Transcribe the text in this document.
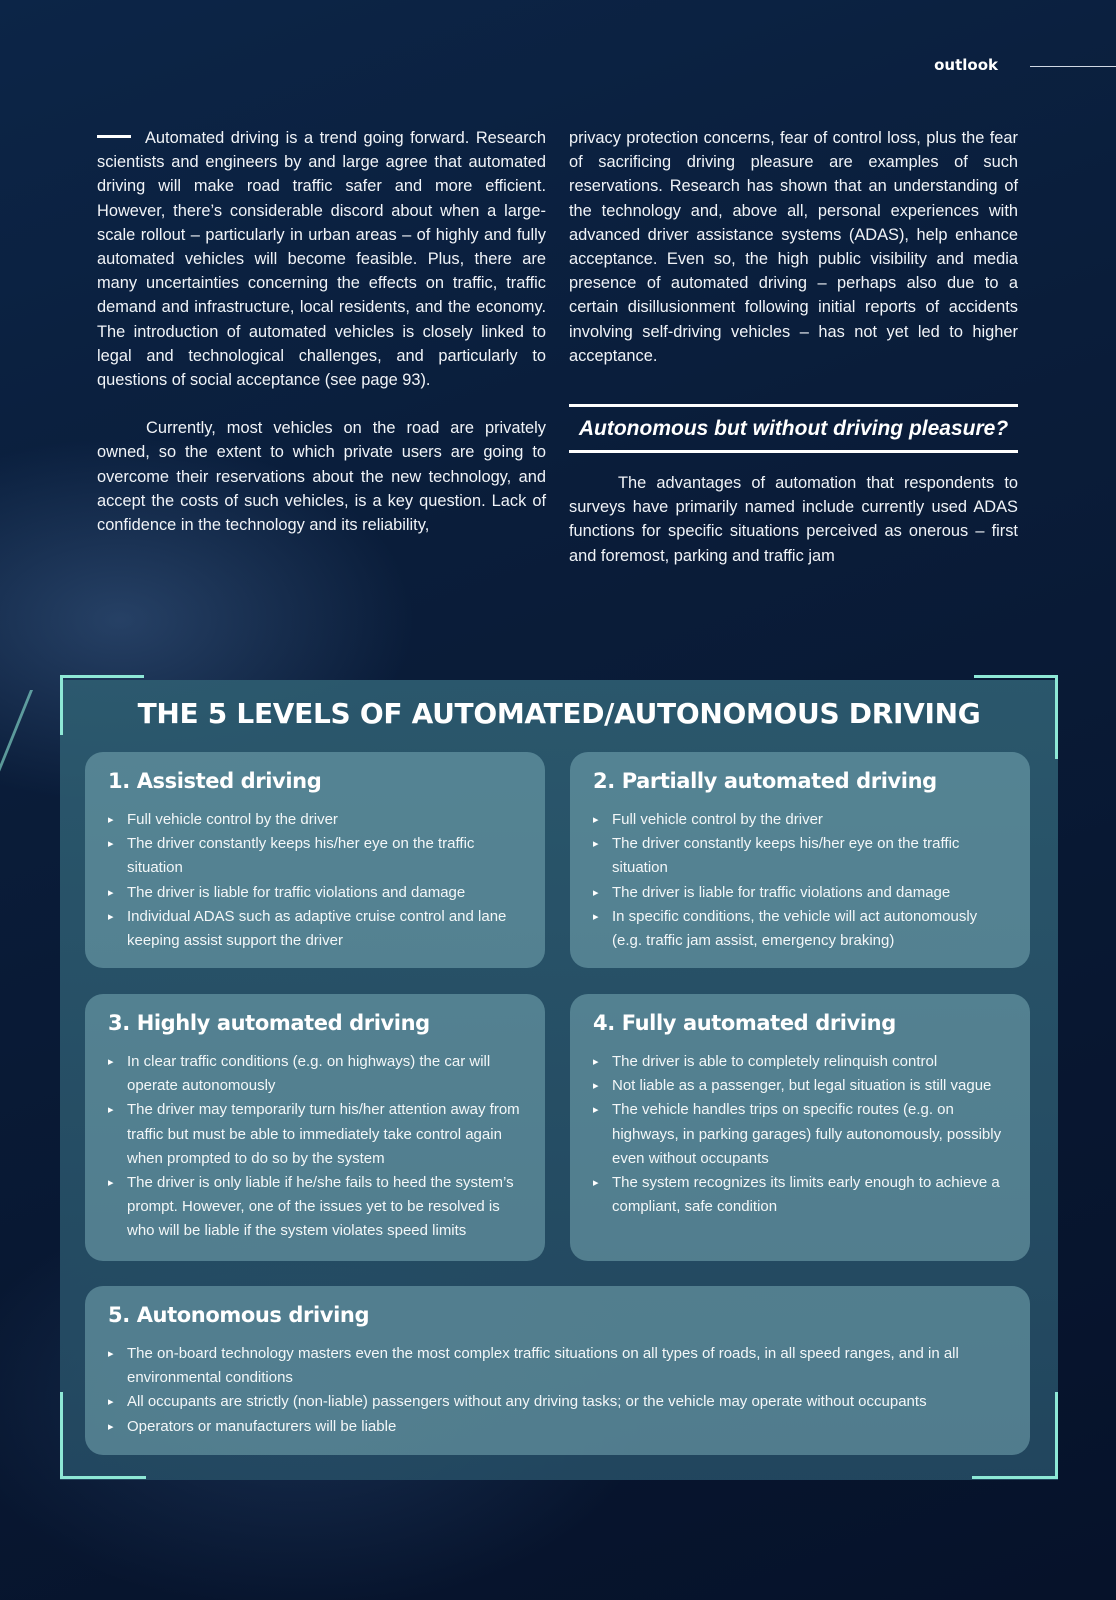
outlook

Automated driving is a trend going forward. Research scientists and engineers by and large agree that automated driving will make road traffic safer and more efficient. However, there’s considerable discord about when a large-scale rollout – particularly in urban areas – of highly and fully automated vehicles will become feasible. Plus, there are many uncertainties concerning the effects on traffic, traffic demand and infrastructure, local residents, and the economy. The introduction of automated vehicles is closely linked to legal and technological challenges, and particularly to questions of social acceptance (see page 93).

Currently, most vehicles on the road are privately owned, so the extent to which private users are going to overcome their reservations about the new technology, and accept the costs of such vehicles, is a key question. Lack of confidence in the technology and its reliability,

privacy protection concerns, fear of control loss, plus the fear of sacrificing driving pleasure are examples of such reservations. Research has shown that an understanding of the technology and, above all, personal experiences with advanced driver assistance systems (ADAS), help enhance acceptance. Even so, the high public visibility and media presence of automated driving – perhaps also due to a certain disillusionment following initial reports of accidents involving self-driving vehicles – has not yet led to higher acceptance.

Autonomous but without driving pleasure?

The advantages of automation that respondents to surveys have primarily named include currently used ADAS functions for specific situations perceived as onerous – first and foremost, parking and traffic jam

THE 5 LEVELS OF AUTOMATED/AUTONOMOUS DRIVING
1. Assisted driving
▸ Full vehicle control by the driver
▸ The driver constantly keeps his/her eye on the traffic situation
▸ The driver is liable for traffic violations and damage
▸ Individual ADAS such as adaptive cruise control and lane keeping assist support the driver
2. Partially automated driving
▸ Full vehicle control by the driver
▸ The driver constantly keeps his/her eye on the traffic situation
▸ The driver is liable for traffic violations and damage
▸ In specific conditions, the vehicle will act autonomously (e.g. traffic jam assist, emergency braking)
3. Highly automated driving
▸ In clear traffic conditions (e.g. on highways) the car will operate autonomously
▸ The driver may temporarily turn his/her attention away from traffic but must be able to immediately take control again when prompted to do so by the system
▸ The driver is only liable if he/she fails to heed the system’s prompt. However, one of the issues yet to be resolved is who will be liable if the system violates speed limits
4. Fully automated driving
▸ The driver is able to completely relinquish control
▸ Not liable as a passenger, but legal situation is still vague
▸ The vehicle handles trips on specific routes (e.g. on highways, in parking garages) fully autonomously, possibly even without occupants
▸ The system recognizes its limits early enough to achieve a compliant, safe condition
5. Autonomous driving
▸ The on-board technology masters even the most complex traffic situations on all types of roads, in all speed ranges, and in all environmental conditions
▸ All occupants are strictly (non-liable) passengers without any driving tasks; or the vehicle may operate without occupants
▸ Operators or manufacturers will be liable
